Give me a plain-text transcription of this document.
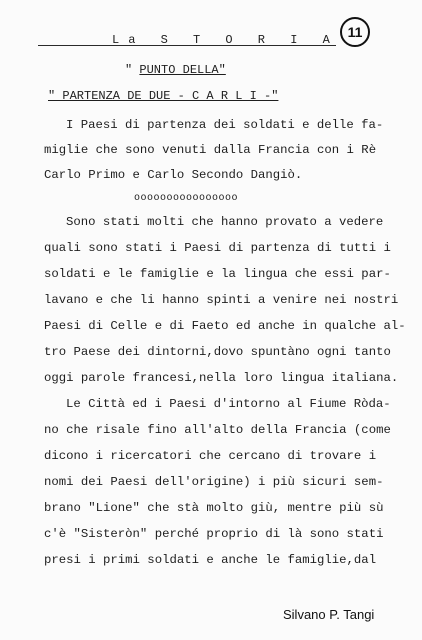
La S T O R I A 11
" PUNTO DELLA"
" PARTENZA DE DUE - C A R L I -"
I Paesi di partenza dei soldati e delle fa-
miglie che sono venuti dalla Francia con i Rè
Carlo Primo e Carlo Secondo Dangiò.
oooooooooooooooo
Sono stati molti che hanno provato a vedere
quali sono stati i Paesi di partenza di tutti i
soldati e le famiglie e la lingua che essi par-
lavano e che li hanno spinti a venire nei nostri
Paesi di Celle e di Faeto ed anche in qualche al-
tro Paese dei dintorni,dovo spuntàno ogni tanto
oggi parole francesi,nella loro lingua italiana.
Le Città ed i Paesi d'intorno al Fiume Ròda-
no che risale fino all'alto della Francia (come
dicono i ricercatori che cercano di trovare i
nomi dei Paesi dell'origine) i più sicuri sem-
brano "Lione" che stà molto giù, mentre più sù
c'è "Sisteròn" perché proprio di là sono stati
presi i primi soldati e anche le famiglie,dal
Silvano P. Tangi
